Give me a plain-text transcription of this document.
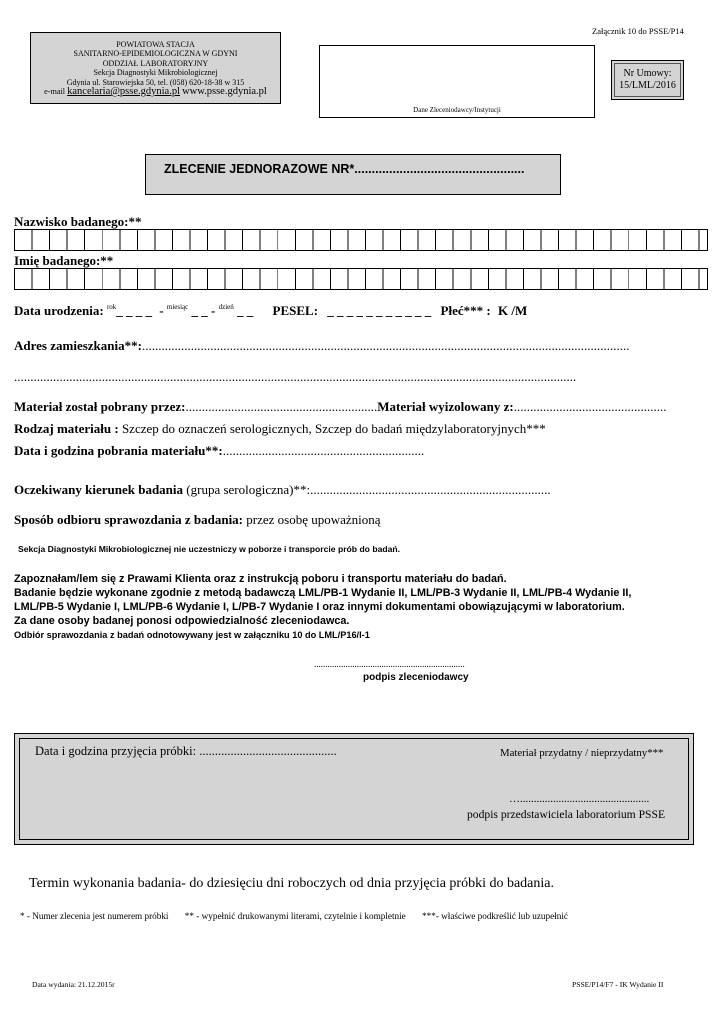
Załącznik 10 do PSSE/P14
POWIATOWA STACJA
SANITARNO-EPIDEMIOLOGICZNA W GDYNI
ODDZIAŁ LABORATORYJNY
Sekcja Diagnostyki Mikrobiologicznej
Gdynia ul. Starowiejska 50, tel. (058) 620-18-38 w 315
e-mail kancelaria@psse.gdynia.pl www.psse.gdynia.pl
Dane Zleceniodawcy/Instytucji
Nr Umowy:
15/LML/2016
ZLECENIE JEDNORAZOWE NR*.................................................
Nazwisko badanego:**
Imię badanego:**
Data urodzenia: $^{rok}$_ _ _ _ - $^{miesiąc}$ _ _ - $^{dzień}$ _ _ PESEL: _ _ _ _ _ _ _ _ _ _ _ Płeć*** : K /M
Adres zamieszkania**:......................................................................................................................................................
.............................................................................................................................................................................
Materiał został pobrany przez:...........................................................Materiał wyizolowany z:...............................................
Rodzaj materiału : Szczep do oznaczeń serologicznych, Szczep do badań międzylaboratoryjnych***
Data i godzina pobrania materiału**:..............................................................
Oczekiwany kierunek badania (grupa serologiczna)**:..........................................................................
Sposób odbioru sprawozdania z badania: przez osobę upoważnioną
Sekcja Diagnostyki Mikrobiologicznej nie uczestniczy w poborze i transporcie prób do badań.
Zapoznałam/lem się z Prawami Klienta oraz z instrukcją poboru i transportu materiału do badań.
Badanie będzie wykonane zgodnie z metodą badawczą LML/PB-1 Wydanie II, LML/PB-3 Wydanie II, LML/PB-4 Wydanie II,
LML/PB-5 Wydanie I, LML/PB-6 Wydanie I, L/PB-7 Wydanie I oraz innymi dokumentami obowiązującymi w laboratorium.
Za dane osoby badanej ponosi odpowiedzialność zleceniodawca.
Odbiór sprawozdania z badań odnotowywany jest w załączniku 10 do LML/P16/I-1
...................................................................
podpis zleceniodawcy
Data i godzina przyjęcia próbki: ............................................	Materiał przydatny / nieprzydatny***
…...............................................
podpis przedstawiciela laboratorium PSSE
Termin wykonania badania- do dziesięciu dni roboczych od dnia przyjęcia próbki do badania.
* - Numer zlecenia jest numerem próbki ** - wypełnić drukowanymi literami, czytelnie i kompletnie ***- właściwe podkreślić lub uzupełnić
Data wydania: 21.12.2015r	PSSE/P14/F7 - IK Wydanie II
